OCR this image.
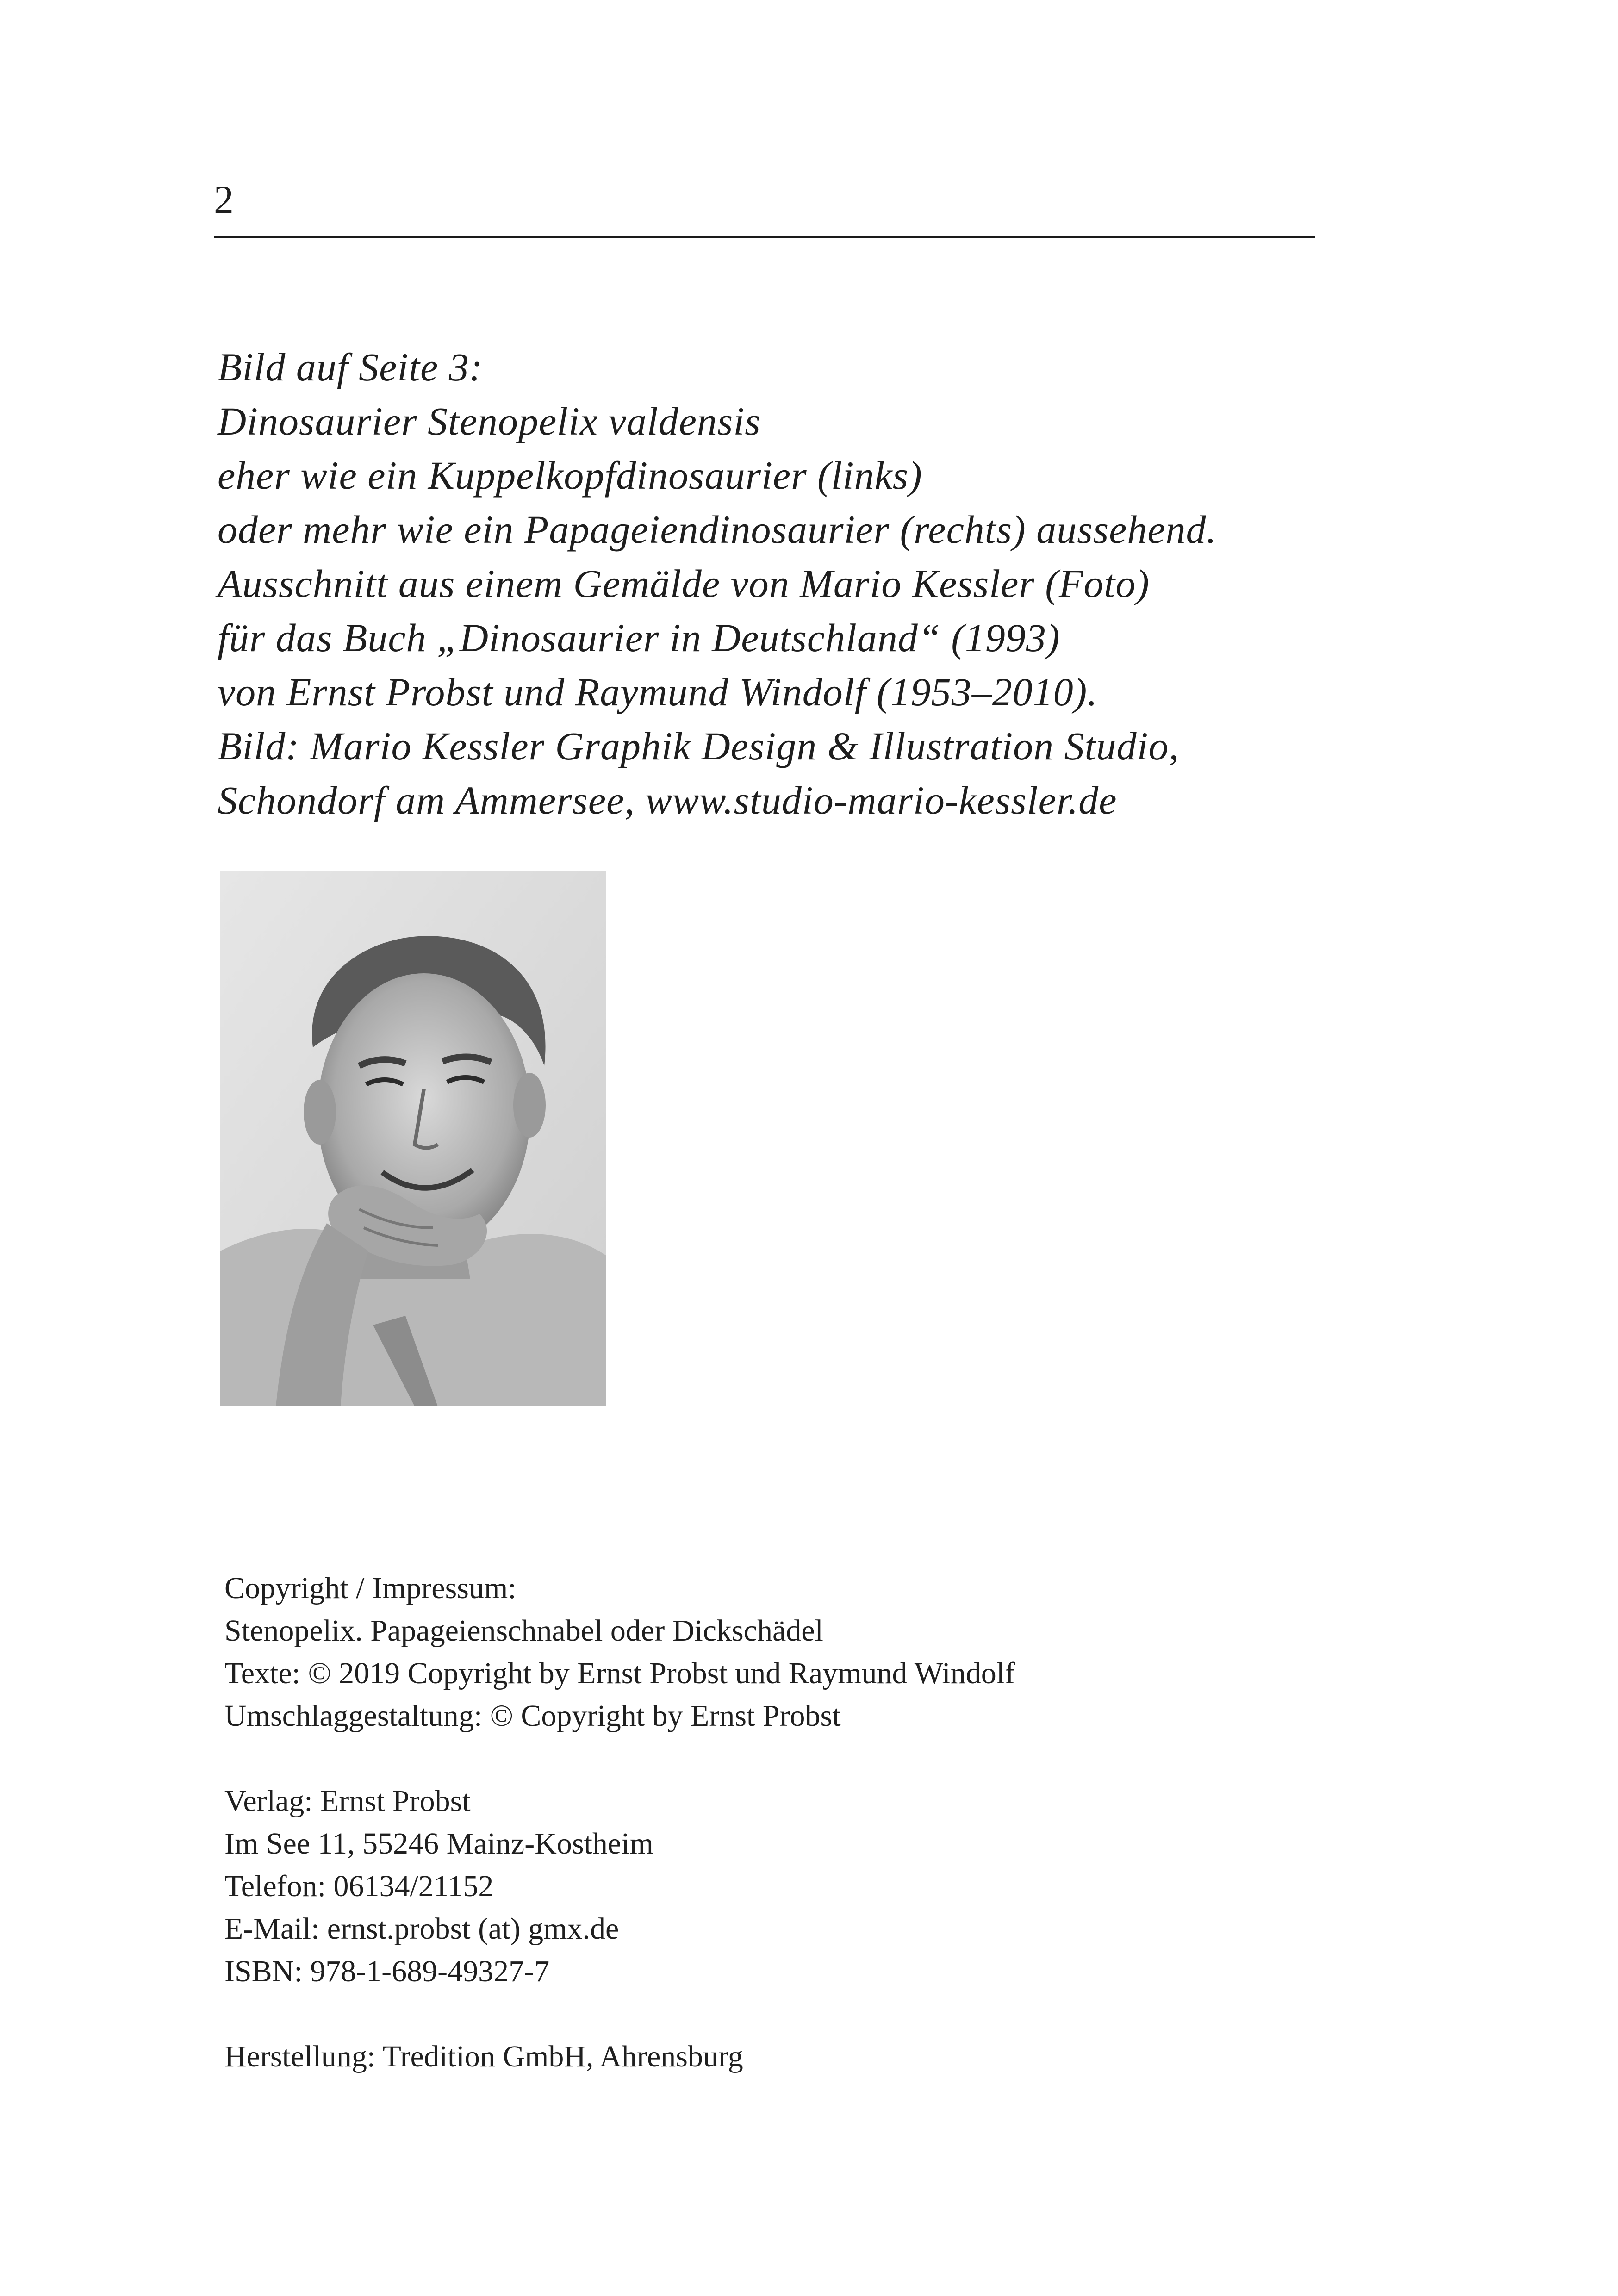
2
Bild auf Seite 3:
Dinosaurier Stenopelix valdensis
eher wie ein Kuppelkopfdinosaurier (links)
oder mehr wie ein Papageiendinosaurier (rechts) aussehend.
Ausschnitt aus einem Gemälde von Mario Kessler (Foto)
für das Buch „Dinosaurier in Deutschland“ (1993)
von Ernst Probst und Raymund Windolf (1953–2010).
Bild: Mario Kessler Graphik Design & Illustration Studio,
Schondorf am Ammersee, www.studio-mario-kessler.de
Copyright / Impressum:
Stenopelix. Papageienschnabel oder Dickschädel
Texte: © 2019 Copyright by Ernst Probst und Raymund Windolf
Umschlaggestaltung: © Copyright by Ernst Probst
Verlag: Ernst Probst
Im See 11, 55246 Mainz-Kostheim
Telefon: 06134/21152
E-Mail: ernst.probst (at) gmx.de
ISBN: 978-1-689-49327-7
Herstellung: Tredition GmbH, Ahrensburg
